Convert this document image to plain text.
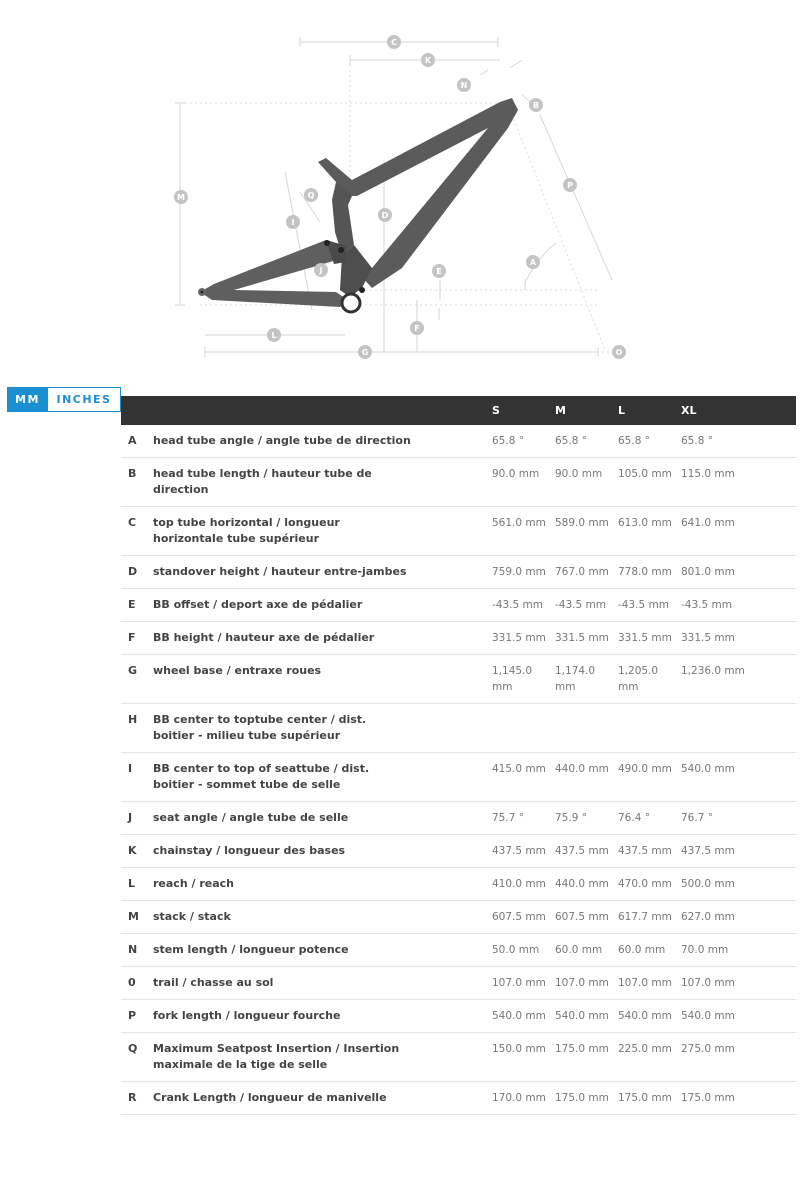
C
K
N
B
M
P
Q
I
D
A
J	E
F
L
G	O
MM	INCHES
		S	M	L	XL
A	head tube angle / angle tube de direction	65.8 °	65.8 °	65.8 °	65.8 °
B	head tube length / hauteur tube de direction	90.0 mm	90.0 mm	105.0 mm	115.0 mm
C	top tube horizontal / longueur horizontale tube supérieur	561.0 mm	589.0 mm	613.0 mm	641.0 mm
D	standover height / hauteur entre-jambes	759.0 mm	767.0 mm	778.0 mm	801.0 mm
E	BB offset / deport axe de pédalier	-43.5 mm	-43.5 mm	-43.5 mm	-43.5 mm
F	BB height / hauteur axe de pédalier	331.5 mm	331.5 mm	331.5 mm	331.5 mm
G	wheel base / entraxe roues	1,145.0 mm	1,174.0 mm	1,205.0 mm	1,236.0 mm
H	BB center to toptube center / dist. boitier - milieu tube supérieur				
I	BB center to top of seattube / dist. boitier - sommet tube de selle	415.0 mm	440.0 mm	490.0 mm	540.0 mm
J	seat angle / angle tube de selle	75.7 °	75.9 °	76.4 °	76.7 °
K	chainstay / longueur des bases	437.5 mm	437.5 mm	437.5 mm	437.5 mm
L	reach / reach	410.0 mm	440.0 mm	470.0 mm	500.0 mm
M	stack / stack	607.5 mm	607.5 mm	617.7 mm	627.0 mm
N	stem length / longueur potence	50.0 mm	60.0 mm	60.0 mm	70.0 mm
0	trail / chasse au sol	107.0 mm	107.0 mm	107.0 mm	107.0 mm
P	fork length / longueur fourche	540.0 mm	540.0 mm	540.0 mm	540.0 mm
Q	Maximum Seatpost Insertion / Insertion maximale de la tige de selle	150.0 mm	175.0 mm	225.0 mm	275.0 mm
R	Crank Length / longueur de manivelle	170.0 mm	175.0 mm	175.0 mm	175.0 mm
